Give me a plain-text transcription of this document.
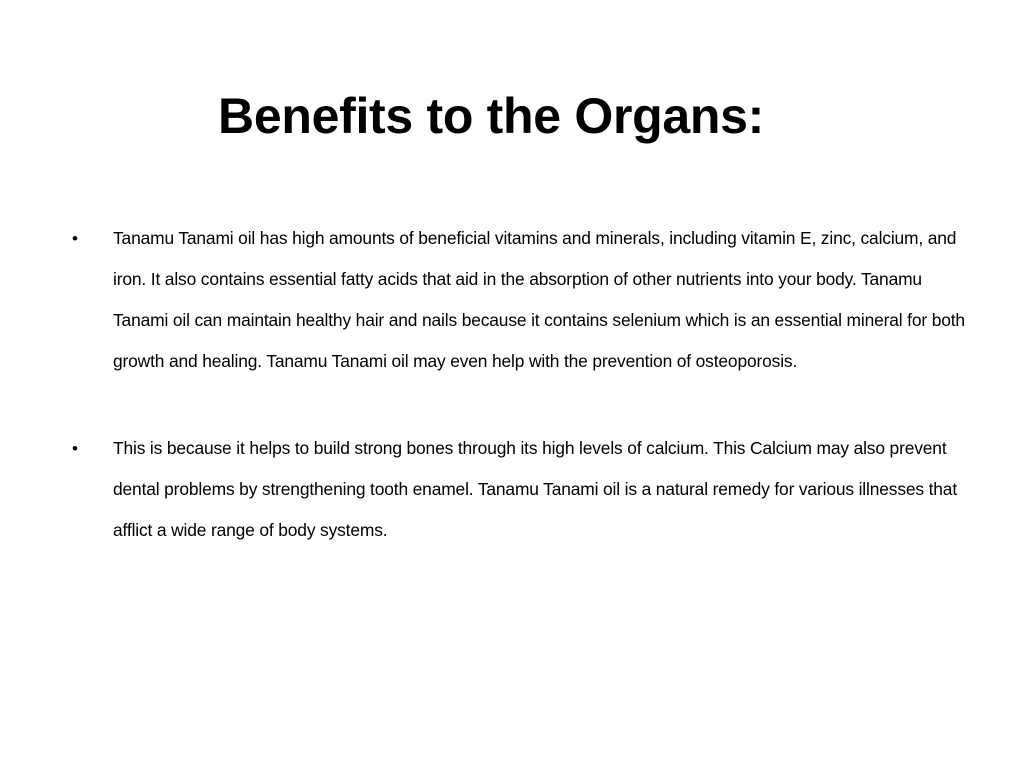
Benefits to the Organs:
• Tanamu Tanami oil has high amounts of beneficial vitamins and minerals, including vitamin E, zinc, calcium, and iron. It also contains essential fatty acids that aid in the absorption of other nutrients into your body. Tanamu Tanami oil can maintain healthy hair and nails because it contains selenium which is an essential mineral for both growth and healing. Tanamu Tanami oil may even help with the prevention of osteoporosis.
• This is because it helps to build strong bones through its high levels of calcium. This Calcium may also prevent dental problems by strengthening tooth enamel. Tanamu Tanami oil is a natural remedy for various illnesses that afflict a wide range of body systems.
